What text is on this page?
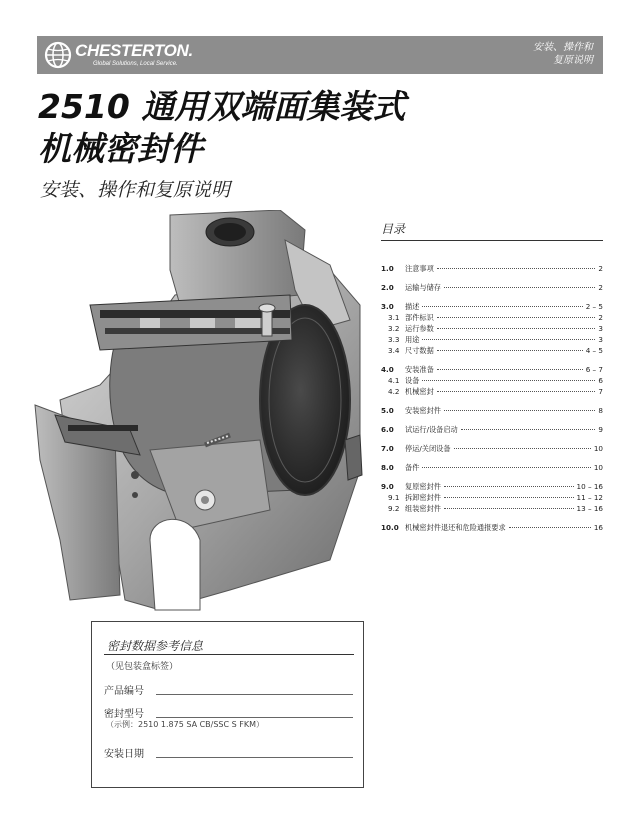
CHESTERTON.
Global Solutions, Local Service.
安装、操作和
复原说明
2510 通用双端面集装式
机械密封件
安装、操作和复原说明
目录
1.0	注意事项	2
2.0	运输与储存	2
3.0	描述	2 – 5
3.1 部件标识	2
3.2 运行参数	3
3.3 用途	3
3.4 尺寸数据	4 – 5
4.0	安装准备	6 – 7
4.1 设备	6
4.2 机械密封	7
5.0	安装密封件	8
6.0	试运行/设备启动	9
7.0	停运/关闭设备	10
8.0	备件	10
9.0	复原密封件	10 – 16
9.1 拆卸密封件	11 – 12
9.2 组装密封件	13 – 16
10.0 机械密封件退还和危险通报要求	16
密封数据参考信息
（见包装盒标签）
产品编号
密封型号
（示例：2510 1.875 SA CB/SSC S FKM）
安装日期
